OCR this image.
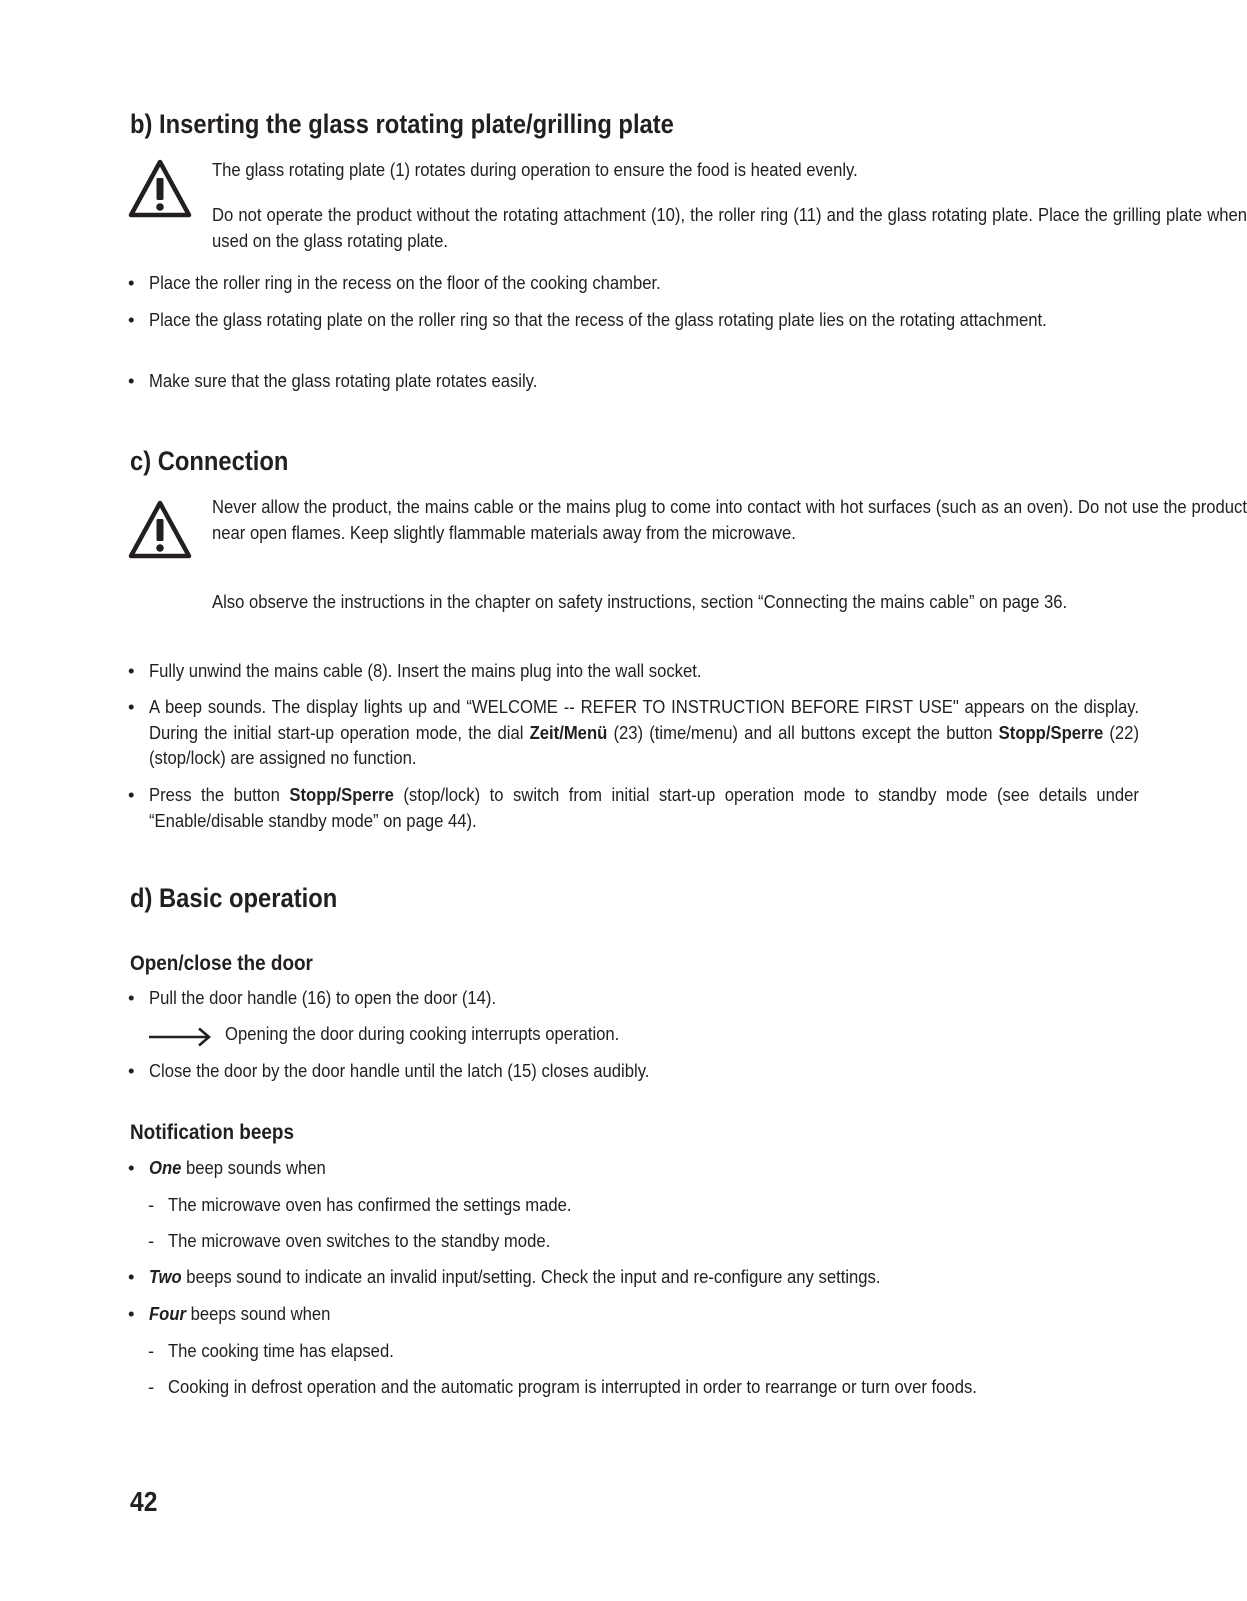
b) Inserting the glass rotating plate/grilling plate
The glass rotating plate (1) rotates during operation to ensure the food is heated evenly.
Do not operate the product without the rotating attachment (10), the roller ring (11) and the glass rotating plate. Place the grilling plate when used on the glass rotating plate.
• Place the roller ring in the recess on the floor of the cooking chamber.
• Place the glass rotating plate on the roller ring so that the recess of the glass rotating plate lies on the rotating attachment.
• Make sure that the glass rotating plate rotates easily.
c) Connection
Never allow the product, the mains cable or the mains plug to come into contact with hot surfaces (such as an oven). Do not use the product near open flames. Keep slightly flammable materials away from the microwave.
Also observe the instructions in the chapter on safety instructions, section “Connecting the mains cable” on page 36.
• Fully unwind the mains cable (8). Insert the mains plug into the wall socket.
• A beep sounds. The display lights up and “WELCOME -- REFER TO INSTRUCTION BEFORE FIRST USE" appears on the display. During the initial start-up operation mode, the dial Zeit/Menü (23) (time/menu) and all buttons except the button Stopp/Sperre (22) (stop/lock) are assigned no function.
• Press the button Stopp/Sperre (stop/lock) to switch from initial start-up operation mode to standby mode (see details under “Enable/disable standby mode” on page 44).
d) Basic operation
Open/close the door
• Pull the door handle (16) to open the door (14).
Opening the door during cooking interrupts operation.
• Close the door by the door handle until the latch (15) closes audibly.
Notification beeps
• One beep sounds when
- The microwave oven has confirmed the settings made.
- The microwave oven switches to the standby mode.
• Two beeps sound to indicate an invalid input/setting. Check the input and re-configure any settings.
• Four beeps sound when
- The cooking time has elapsed.
- Cooking in defrost operation and the automatic program is interrupted in order to rearrange or turn over foods.
42
